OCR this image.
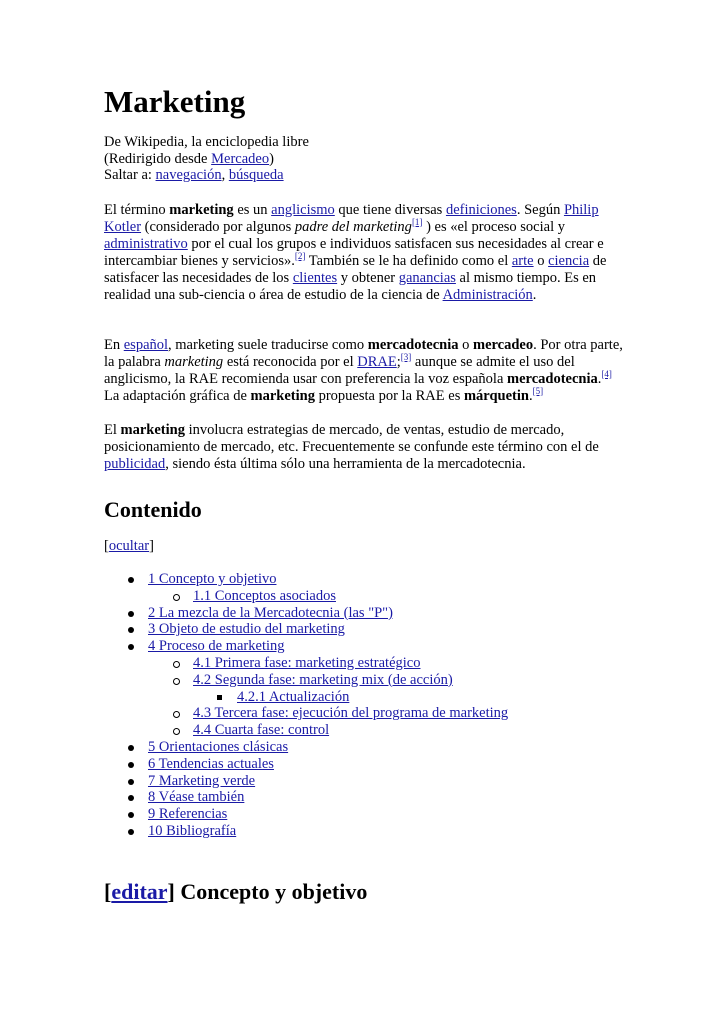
Marketing
De Wikipedia, la enciclopedia libre
(Redirigido desde Mercadeo)
Saltar a: navegación, búsqueda

El término marketing es un anglicismo que tiene diversas definiciones. Según Philip Kotler (considerado por algunos padre del marketing[1] ) es «el proceso social y administrativo por el cual los grupos e individuos satisfacen sus necesidades al crear e intercambiar bienes y servicios».[2] También se le ha definido como el arte o ciencia de satisfacer las necesidades de los clientes y obtener ganancias al mismo tiempo. Es en realidad una sub-ciencia o área de estudio de la ciencia de Administración.

En español, marketing suele traducirse como mercadotecnia o mercadeo. Por otra parte, la palabra marketing está reconocida por el DRAE;[3] aunque se admite el uso del anglicismo, la RAE recomienda usar con preferencia la voz española mercadotecnia.[4]
La adaptación gráfica de marketing propuesta por la RAE es márquetin.[5]

El marketing involucra estrategias de mercado, de ventas, estudio de mercado, posicionamiento de mercado, etc. Frecuentemente se confunde este término con el de publicidad, siendo ésta última sólo una herramienta de la mercadotecnia.

Contenido
[ocultar]
1 Concepto y objetivo
1.1 Conceptos asociados
2 La mezcla de la Mercadotecnia (las "P")
3 Objeto de estudio del marketing
4 Proceso de marketing
4.1 Primera fase: marketing estratégico
4.2 Segunda fase: marketing mix (de acción)
4.2.1 Actualización
4.3 Tercera fase: ejecución del programa de marketing
4.4 Cuarta fase: control
5 Orientaciones clásicas
6 Tendencias actuales
7 Marketing verde
8 Véase también
9 Referencias
10 Bibliografía
[editar] Concepto y objetivo
